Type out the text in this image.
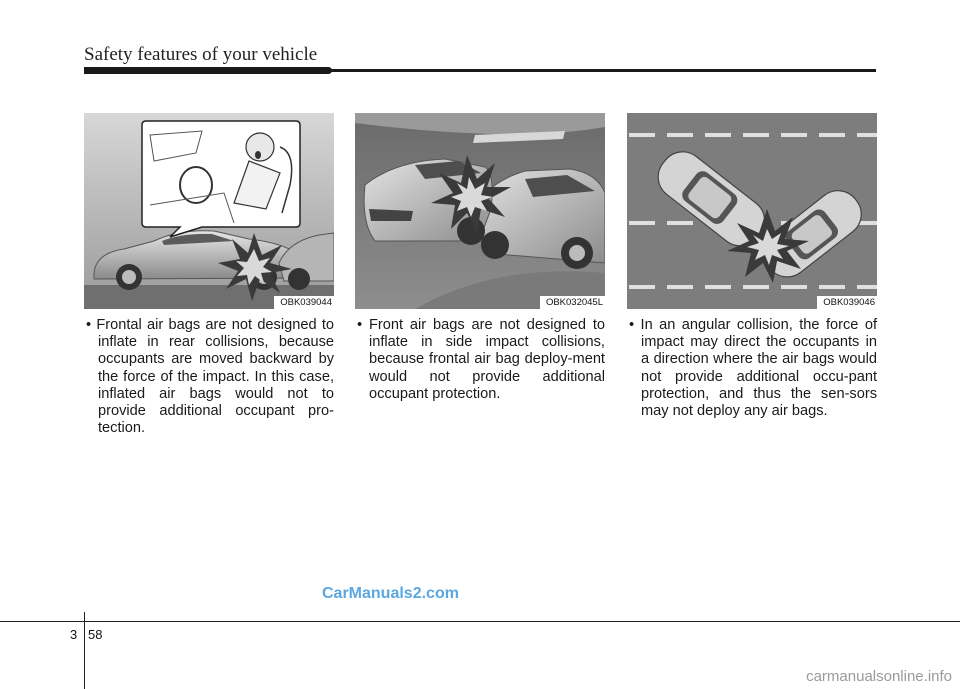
Safety features of your vehicle
OBK039044	OBK032045L	OBK039046
• Frontal air bags are not designed to inflate in rear collisions, because occupants are moved backward by the force of the impact. In this case, inflated air bags would not to provide additional occupant pro-tection.
• Front air bags are not designed to inflate in side impact collisions, because frontal air bag deploy-ment would not provide additional occupant protection.
• In an angular collision, the force of impact may direct the occupants in a direction where the air bags would not provide additional occu-pant protection, and thus the sen-sors may not deploy any air bags.
CarManuals2.com
3 58
carmanualsonline.info
